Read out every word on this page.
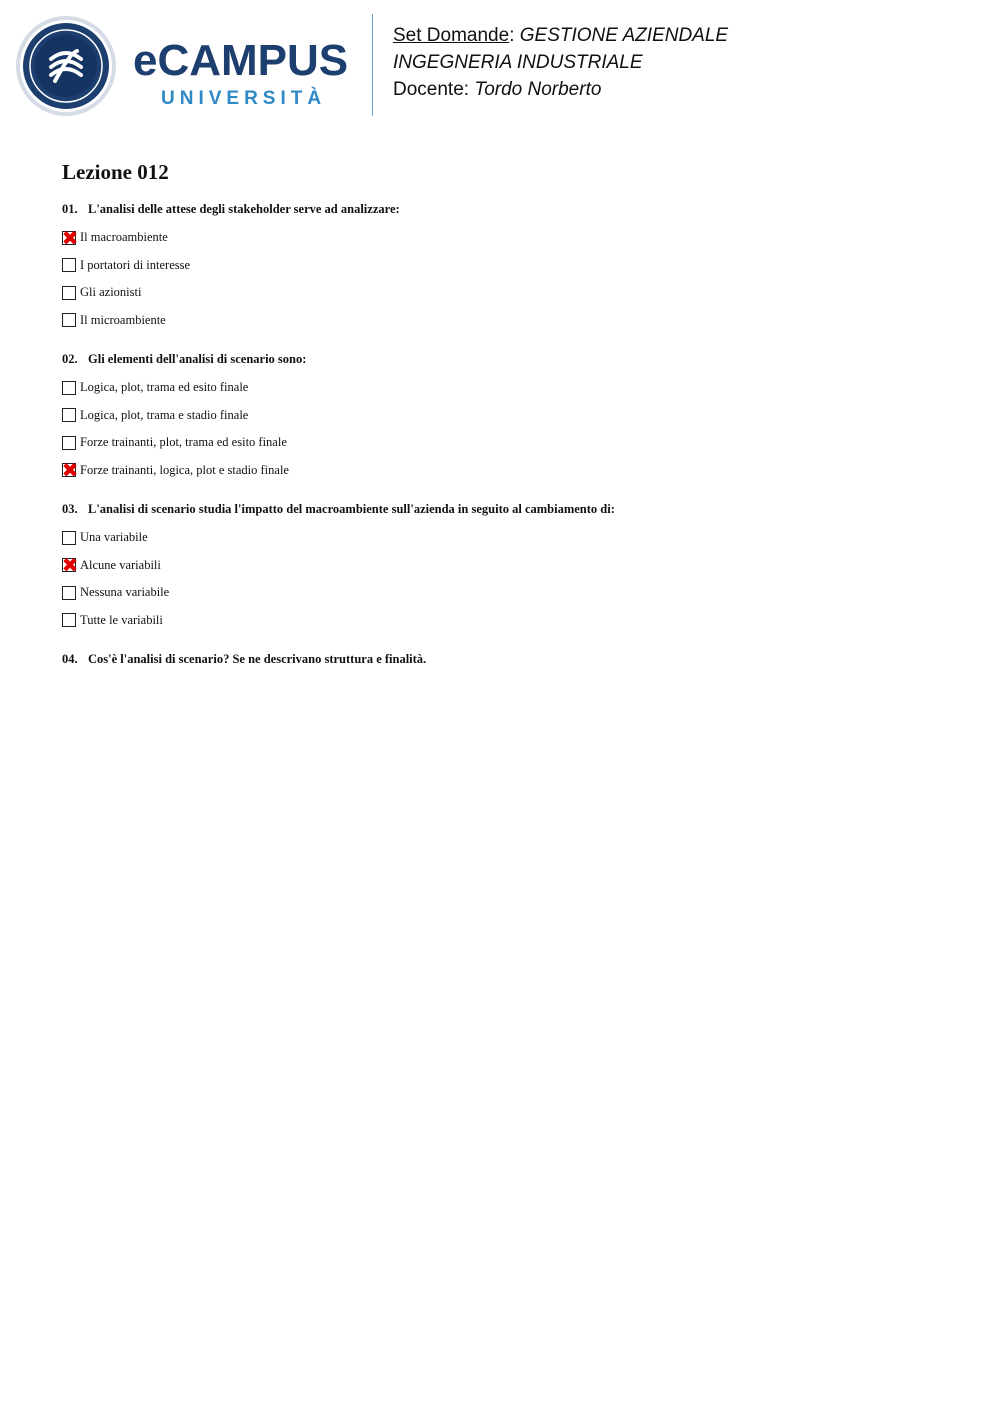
eCAMPUS
UNIVERSITÀ
Set Domande: GESTIONE AZIENDALE
INGEGNERIA INDUSTRIALE
Docente: Tordo Norberto
Lezione 012
01. L'analisi delle attese degli stakeholder serve ad analizzare:
✖ Il macroambiente
I portatori di interesse
Gli azionisti
Il microambiente
02. Gli elementi dell'analisi di scenario sono:
Logica, plot, trama ed esito finale
Logica, plot, trama e stadio finale
Forze trainanti, plot, trama ed esito finale
✖ Forze trainanti, logica, plot e stadio finale
03. L'analisi di scenario studia l'impatto del macroambiente sull'azienda in seguito al cambiamento di:
Una variabile
✖ Alcune variabili
Nessuna variabile
Tutte le variabili
04. Cos'è l'analisi di scenario? Se ne descrivano struttura e finalità.
